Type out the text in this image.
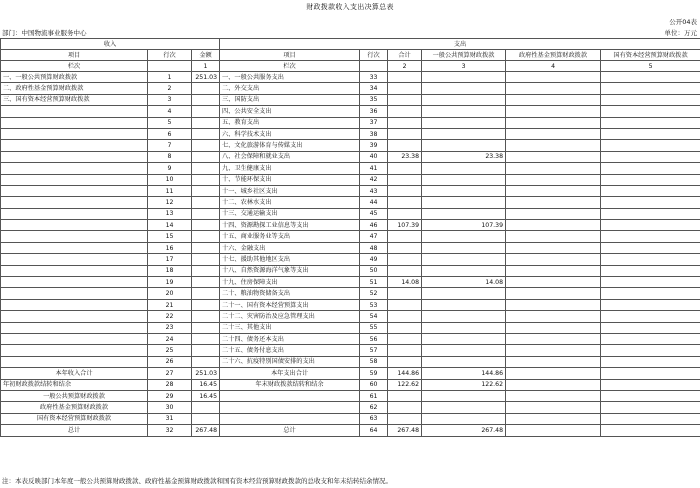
财政拨款收入支出决算总表
公开04表
部门：中国物流事业服务中心	单位：万元
收入			支出					
项目	行次	金额	项目	行次	合计	一般公共预算财政拨款	政府性基金预算财政拨款	国有资本经营预算财政拨款
栏次		1	栏次		2	3	4	5
一、一般公共预算财政拨款	1	251.03	一、一般公共服务支出	33				
二、政府性基金预算财政拨款	2		二、外交支出	34				
三、国有资本经营预算财政拨款	3		三、国防支出	35				
	4		四、公共安全支出	36				
	5		五、教育支出	37				
	6		六、科学技术支出	38				
	7		七、文化旅游体育与传媒支出	39				
	8		八、社会保障和就业支出	40	23.38	23.38		
	9		九、卫生健康支出	41				
	10		十、节能环保支出	42				
	11		十一、城乡社区支出	43				
	12		十二、农林水支出	44				
	13		十三、交通运输支出	45				
	14		十四、资源勘探工业信息等支出	46	107.39	107.39		
	15		十五、商业服务业等支出	47				
	16		十六、金融支出	48				
	17		十七、援助其他地区支出	49				
	18		十八、自然资源海洋气象等支出	50				
	19		十九、住房保障支出	51	14.08	14.08		
	20		二十、粮油物资储备支出	52				
	21		二十一、国有资本经营预算支出	53				
	22		二十二、灾害防治及应急管理支出	54				
	23		二十三、其他支出	55				
	24		二十四、债务还本支出	56				
	25		二十五、债务付息支出	57				
	26		二十六、抗疫特别国债安排的支出	58				
本年收入合计	27	251.03	本年支出合计	59	144.86	144.86		
年初财政拨款结转和结余	28	16.45	年末财政拨款结转和结余	60	122.62	122.62		
一般公共预算财政拨款	29	16.45		61				
政府性基金预算财政拨款	30			62				
国有资本经营预算财政拨款	31			63				
总计	32	267.48	总计	64	267.48	267.48		
注：本表反映部门本年度一般公共预算财政拨款、政府性基金预算财政拨款和国有资本经营预算财政拨款的总收支和年末结转结余情况。
